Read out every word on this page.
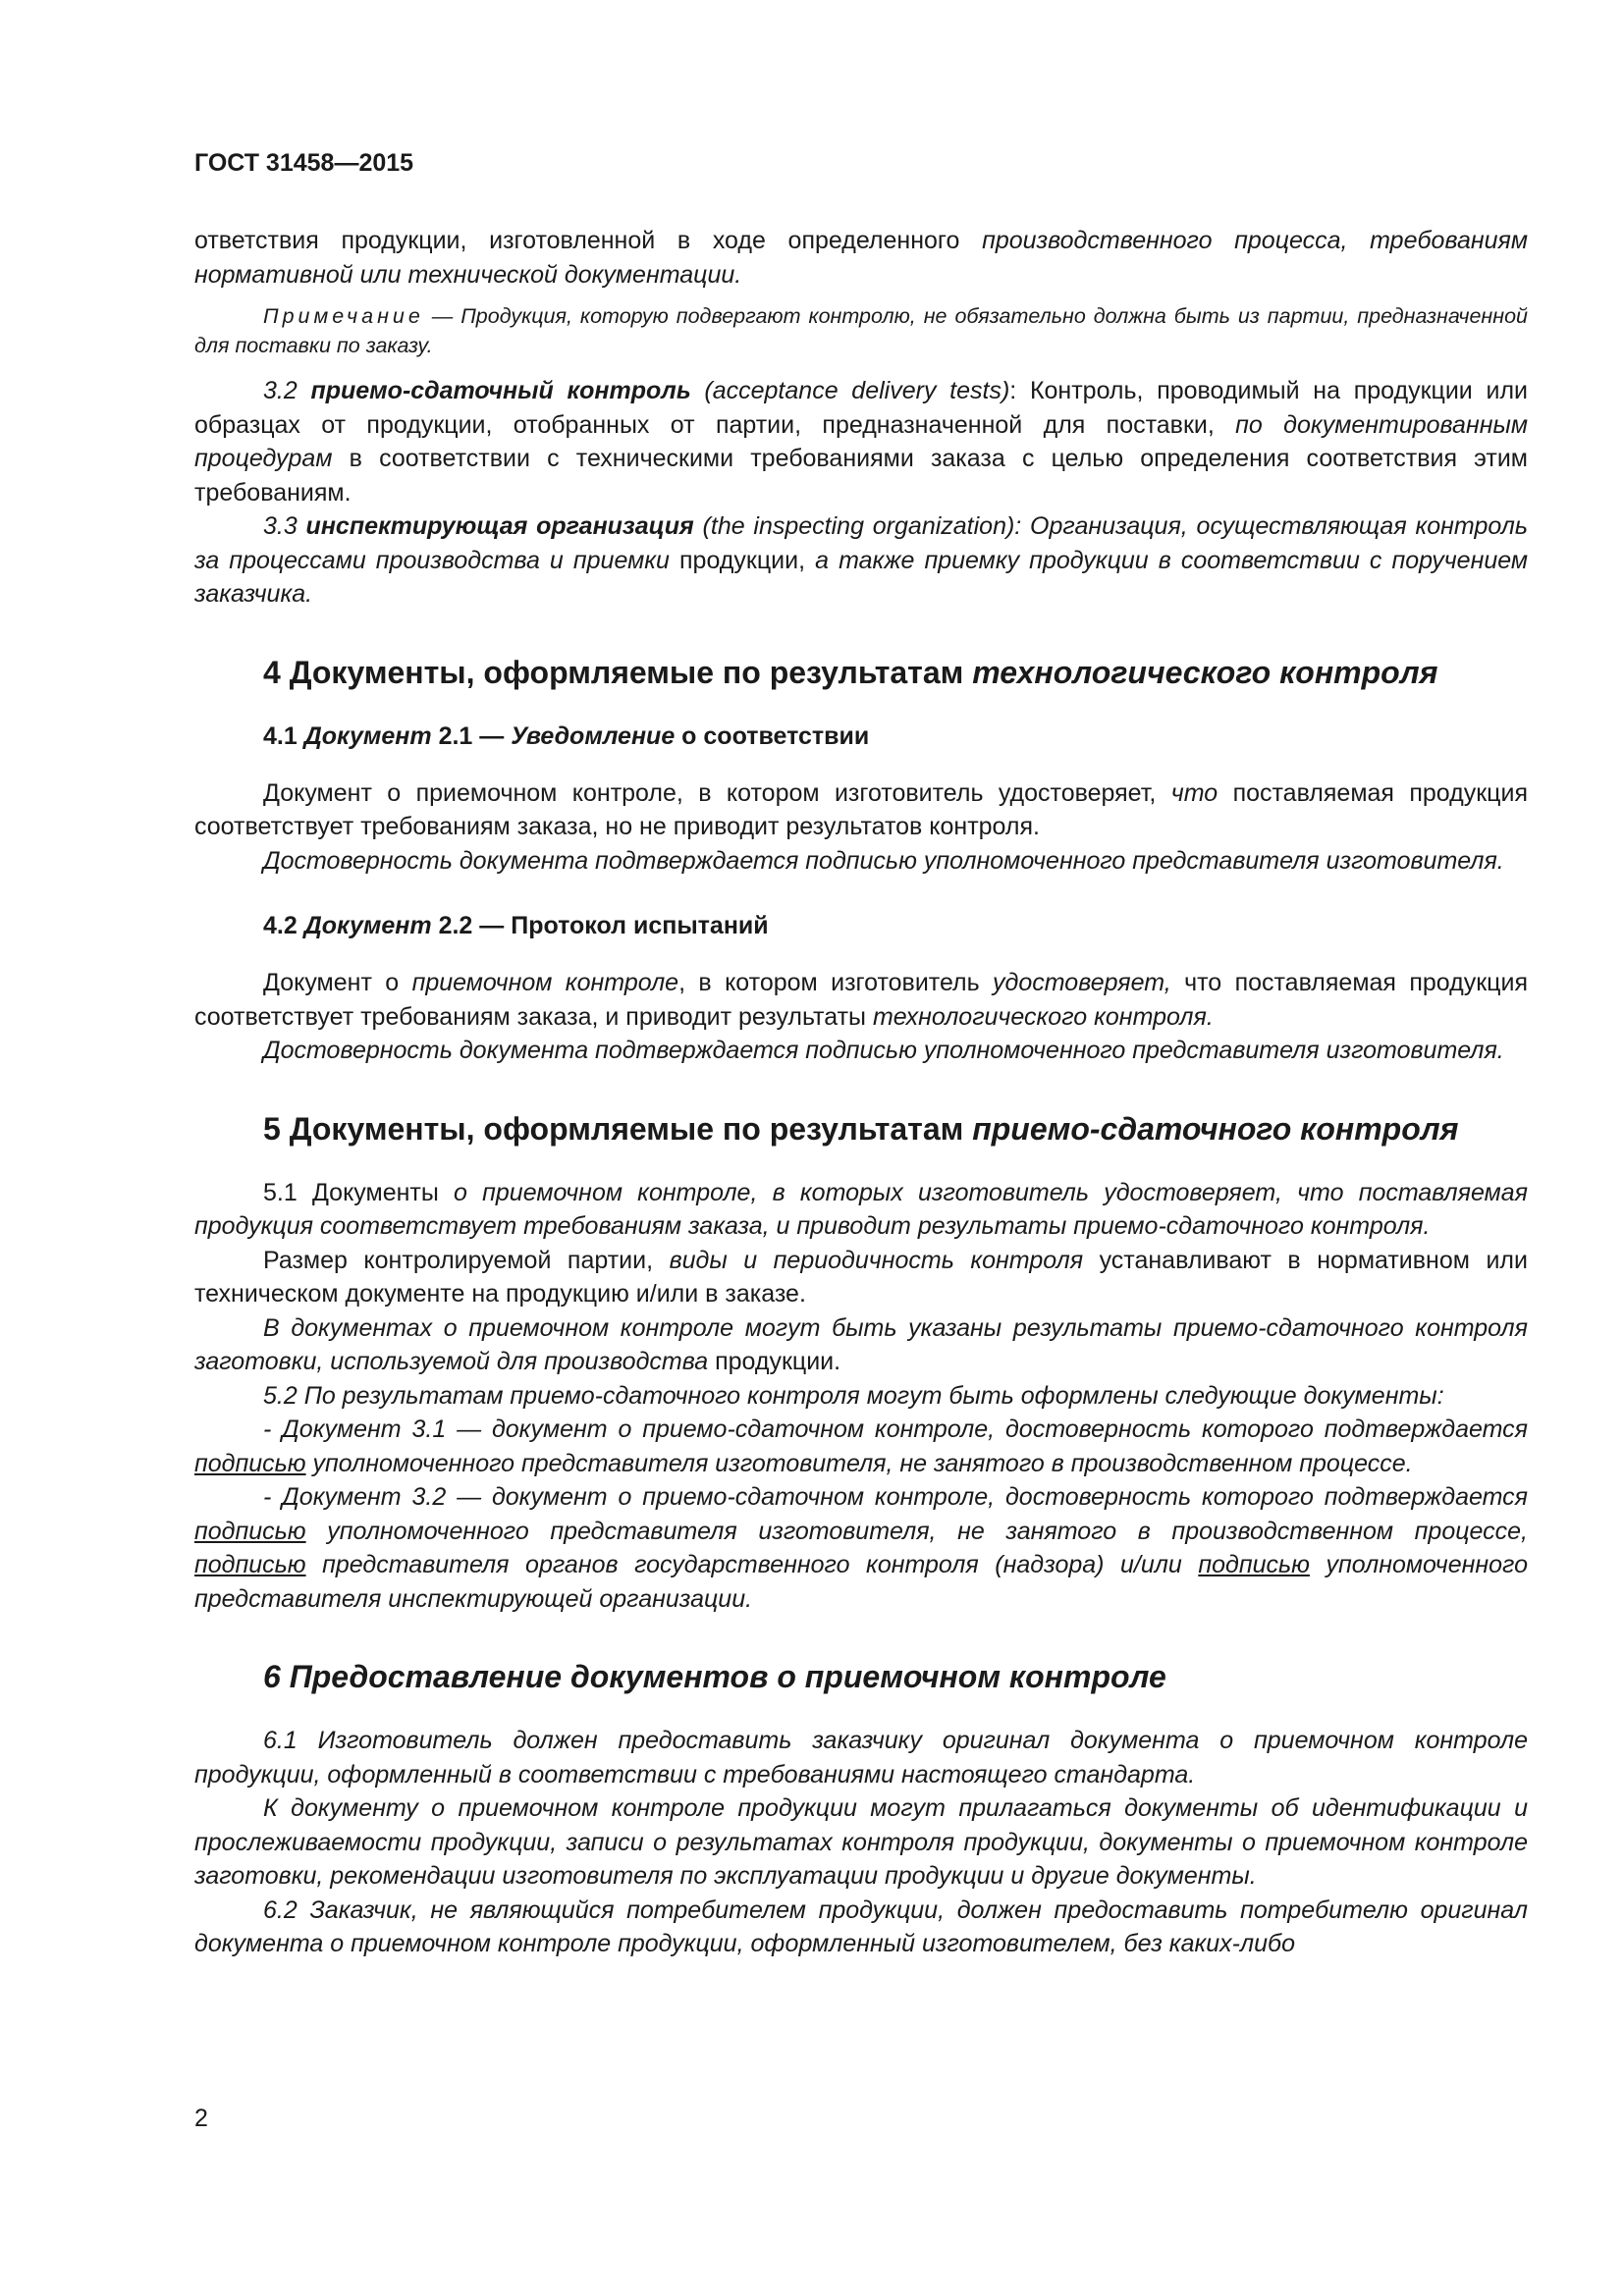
ГОСТ 31458—2015

ответствия продукции, изготовленной в ходе определенного производственного процесса, требованиям нормативной или технической документации.

Примечание — Продукция, которую подвергают контролю, не обязательно должна быть из партии, предназначенной для поставки по заказу.

3.2 приемо-сдаточный контроль (acceptance delivery tests): Контроль, проводимый на продукции или образцах от продукции, отобранных от партии, предназначенной для поставки, по документированным процедурам в соответствии с техническими требованиями заказа с целью определения соответствия этим требованиям.

3.3 инспектирующая организация (the inspecting organization): Организация, осуществляющая контроль за процессами производства и приемки продукции, а также приемку продукции в соответствии с поручением заказчика.

4 Документы, оформляемые по результатам технологического контроля
4.1 Документ 2.1 — Уведомление о соответствии

Документ о приемочном контроле, в котором изготовитель удостоверяет, что поставляемая продукция соответствует требованиям заказа, но не приводит результатов контроля.

Достоверность документа подтверждается подписью уполномоченного представителя изготовителя.

4.2 Документ 2.2 — Протокол испытаний

Документ о приемочном контроле, в котором изготовитель удостоверяет, что поставляемая продукция соответствует требованиям заказа, и приводит результаты технологического контроля.

Достоверность документа подтверждается подписью уполномоченного представителя изготовителя.

5 Документы, оформляемые по результатам приемо-сдаточного контроля

5.1 Документы о приемочном контроле, в которых изготовитель удостоверяет, что поставляемая продукция соответствует требованиям заказа, и приводит результаты приемо-сдаточного контроля.

Размер контролируемой партии, виды и периодичность контроля устанавливают в нормативном или техническом документе на продукцию и/или в заказе.

В документах о приемочном контроле могут быть указаны результаты приемо-сдаточного контроля заготовки, используемой для производства продукции.

5.2 По результатам приемо-сдаточного контроля могут быть оформлены следующие документы:

- Документ 3.1 — документ о приемо-сдаточном контроле, достоверность которого подтверждается подписью уполномоченного представителя изготовителя, не занятого в производственном процессе.

- Документ 3.2 — документ о приемо-сдаточном контроле, достоверность которого подтверждается подписью уполномоченного представителя изготовителя, не занятого в производственном процессе, подписью представителя органов государственного контроля (надзора) и/или подписью уполномоченного представителя инспектирующей организации.

6 Предоставление документов о приемочном контроле

6.1 Изготовитель должен предоставить заказчику оригинал документа о приемочном контроле продукции, оформленный в соответствии с требованиями настоящего стандарта.

К документу о приемочном контроле продукции могут прилагаться документы об идентификации и прослеживаемости продукции, записи о результатах контроля продукции, документы о приемочном контроле заготовки, рекомендации изготовителя по эксплуатации продукции и другие документы.

6.2 Заказчик, не являющийся потребителем продукции, должен предоставить потребителю оригинал документа о приемочном контроле продукции, оформленный изготовителем, без каких-либо

2
